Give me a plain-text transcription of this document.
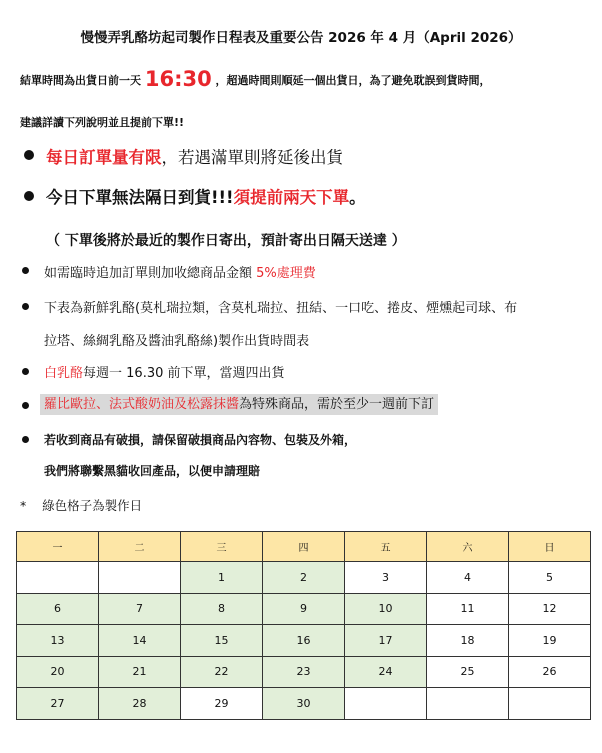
慢慢弄乳酪坊起司製作日程表及重要公告 2026 年 4 月（April 2026）
結單時間為出貨日前一天 16:30 ，超過時間則順延一個出貨日，為了避免耽誤到貨時間，
建議詳讀下列說明並且提前下單!!
每日訂單量有限，若遇滿單則將延後出貨
今日下單無法隔日到貨!!!須提前兩天下單。
（ 下單後將於最近的製作日寄出，預計寄出日隔天送達 ）
如需臨時追加訂單則加收總商品金額 5%處理費
下表為新鮮乳酪(莫札瑞拉類，含莫札瑞拉、扭結、一口吃、捲皮、煙燻起司球、布
拉塔、絲綢乳酪及醬油乳酪絲)製作出貨時間表
白乳酪每週一 16.30 前下單，當週四出貨
羅比歐拉、法式酸奶油及松露抹醬為特殊商品，需於至少一週前下訂
若收到商品有破損，請保留破損商品內容物、包裝及外箱，
我們將聯繫黑貓收回產品，以便申請理賠
*    綠色格子為製作日
一	二	三	四	五	六	日
		1	2	3	4	5
6	7	8	9	10	11	12
13	14	15	16	17	18	19
20	21	22	23	24	25	26
27	28	29	30			
